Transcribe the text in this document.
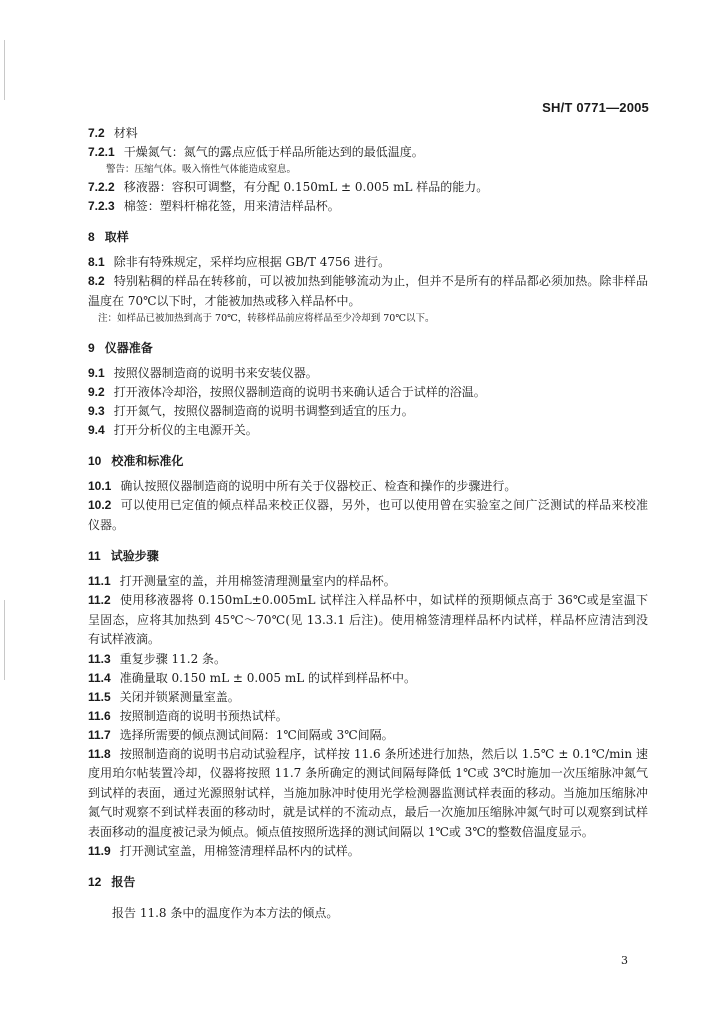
SH/T 0771—2005

7.2 材料

7.2.1 干燥氮气：氮气的露点应低于样品所能达到的最低温度。

警告：压缩气体。吸入惰性气体能造成窒息。

7.2.2 移液器：容积可调整，有分配 0.150mL ± 0.005 mL 样品的能力。

7.2.3 棉签：塑料杆棉花签，用来清洁样品杯。

8 取样

8.1 除非有特殊规定，采样均应根据 GB/T 4756 进行。

8.2 特别粘稠的样品在转移前，可以被加热到能够流动为止，但并不是所有的样品都必须加热。除非样品温度在 70℃以下时，才能被加热或移入样品杯中。

注：如样品已被加热到高于 70℃，转移样品前应将样品至少冷却到 70℃以下。

9 仪器准备

9.1 按照仪器制造商的说明书来安装仪器。

9.2 打开液体冷却浴，按照仪器制造商的说明书来确认适合于试样的浴温。

9.3 打开氮气，按照仪器制造商的说明书调整到适宜的压力。

9.4 打开分析仪的主电源开关。

10 校准和标准化

10.1 确认按照仪器制造商的说明中所有关于仪器校正、检查和操作的步骤进行。

10.2 可以使用已定值的倾点样品来校正仪器，另外，也可以使用曾在实验室之间广泛测试的样品来校准仪器。

11 试验步骤

11.1 打开测量室的盖，并用棉签清理测量室内的样品杯。

11.2 使用移液器将 0.150mL±0.005mL 试样注入样品杯中，如试样的预期倾点高于 36℃或是室温下呈固态，应将其加热到 45℃～70℃(见 13.3.1 后注)。使用棉签清理样品杯内试样，样品杯应清洁到没有试样液滴。

11.3 重复步骤 11.2 条。

11.4 准确量取 0.150 mL ± 0.005 mL 的试样到样品杯中。

11.5 关闭并锁紧测量室盖。

11.6 按照制造商的说明书预热试样。

11.7 选择所需要的倾点测试间隔：1℃间隔或 3℃间隔。

11.8 按照制造商的说明书启动试验程序，试样按 11.6 条所述进行加热，然后以 1.5℃ ± 0.1℃/min 速度用珀尔帖装置冷却，仪器将按照 11.7 条所确定的测试间隔每降低 1℃或 3℃时施加一次压缩脉冲氮气到试样的表面，通过光源照射试样，当施加脉冲时使用光学检测器监测试样表面的移动。当施加压缩脉冲氮气时观察不到试样表面的移动时，就是试样的不流动点，最后一次施加压缩脉冲氮气时可以观察到试样表面移动的温度被记录为倾点。倾点值按照所选择的测试间隔以 1℃或 3℃的整数倍温度显示。

11.9 打开测试室盖，用棉签清理样品杯内的试样。

12 报告

报告 11.8 条中的温度作为本方法的倾点。

3
